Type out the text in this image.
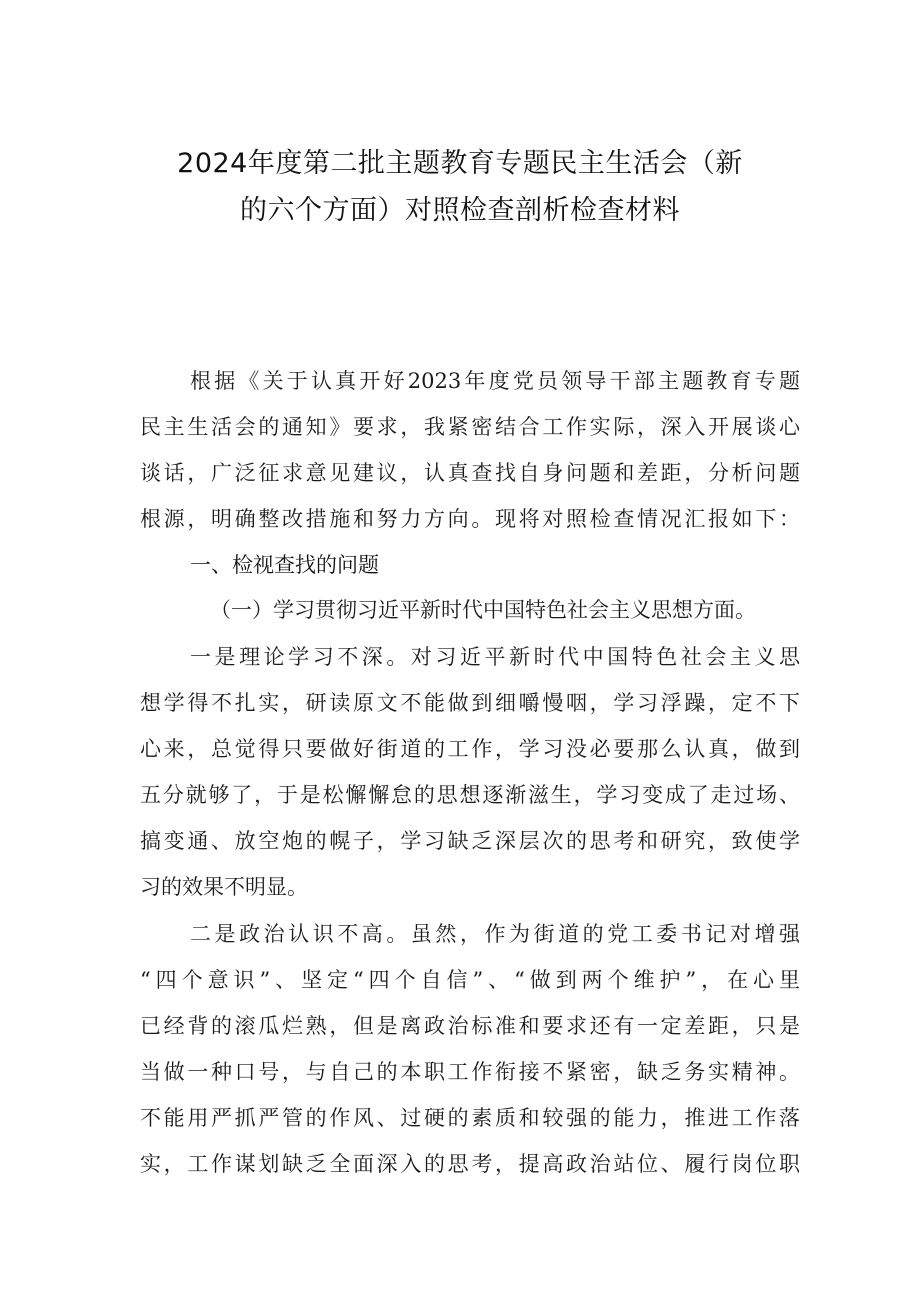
2024年度第二批主题教育专题民主生活会（新
的六个方面）对照检查剖析检查材料
根据《关于认真开好2023年度党员领导干部主题教育专题
民主生活会的通知》要求，我紧密结合工作实际，深入开展谈心
谈话，广泛征求意见建议，认真查找自身问题和差距，分析问题
根源，明确整改措施和努力方向。现将对照检查情况汇报如下：
一、检视查找的问题
（一）学习贯彻习近平新时代中国特色社会主义思想方面。
一是理论学习不深。对习近平新时代中国特色社会主义思
想学得不扎实，研读原文不能做到细嚼慢咽，学习浮躁，定不下
心来，总觉得只要做好街道的工作，学习没必要那么认真，做到
五分就够了，于是松懈懈怠的思想逐渐滋生，学习变成了走过场、
搞变通、放空炮的幌子，学习缺乏深层次的思考和研究，致使学
习的效果不明显。
二是政治认识不高。虽然，作为街道的党工委书记对增强
“四个意识”、坚定“四个自信”、“做到两个维护”，在心里
已经背的滚瓜烂熟，但是离政治标准和要求还有一定差距，只是
当做一种口号，与自己的本职工作衔接不紧密，缺乏务实精神。
不能用严抓严管的作风、过硬的素质和较强的能力，推进工作落
实，工作谋划缺乏全面深入的思考，提高政治站位、履行岗位职
